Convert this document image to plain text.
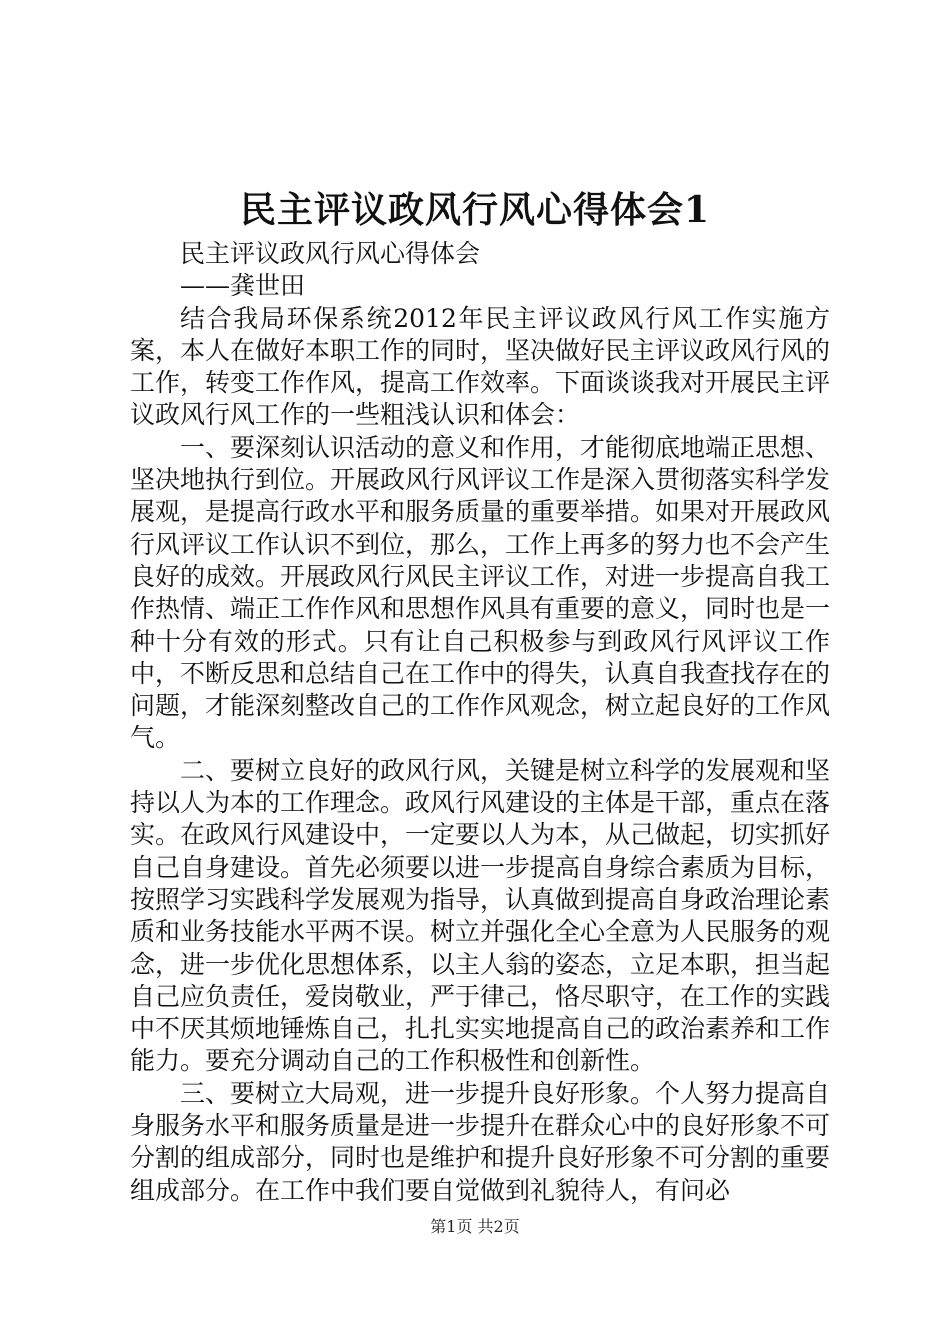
民主评议政风行风心得体会1

民主评议政风行风心得体会

——龚世田

结合我局环保系统2012年民主评议政风行风工作实施方案，本人在做好本职工作的同时，坚决做好民主评议政风行风的工作，转变工作作风，提高工作效率。下面谈谈我对开展民主评议政风行风工作的一些粗浅认识和体会：

一、要深刻认识活动的意义和作用，才能彻底地端正思想、坚决地执行到位。开展政风行风评议工作是深入贯彻落实科学发展观，是提高行政水平和服务质量的重要举措。如果对开展政风行风评议工作认识不到位，那么，工作上再多的努力也不会产生良好的成效。开展政风行风民主评议工作，对进一步提高自我工作热情、端正工作作风和思想作风具有重要的意义，同时也是一种十分有效的形式。只有让自己积极参与到政风行风评议工作中，不断反思和总结自己在工作中的得失，认真自我查找存在的问题，才能深刻整改自己的工作作风观念，树立起良好的工作风气。

二、要树立良好的政风行风，关键是树立科学的发展观和坚持以人为本的工作理念。政风行风建设的主体是干部，重点在落实。在政风行风建设中，一定要以人为本，从己做起，切实抓好自己自身建设。首先必须要以进一步提高自身综合素质为目标，按照学习实践科学发展观为指导，认真做到提高自身政治理论素质和业务技能水平两不误。树立并强化全心全意为人民服务的观念，进一步优化思想体系，以主人翁的姿态，立足本职，担当起自己应负责任，爱岗敬业，严于律己，恪尽职守，在工作的实践中不厌其烦地锤炼自己，扎扎实实地提高自己的政治素养和工作能力。要充分调动自己的工作积极性和创新性。

三、要树立大局观，进一步提升良好形象。个人努力提高自身服务水平和服务质量是进一步提升在群众心中的良好形象不可分割的组成部分，同时也是维护和提升良好形象不可分割的重要组成部分。在工作中我们要自觉做到礼貌待人，有问必

第1页 共2页
